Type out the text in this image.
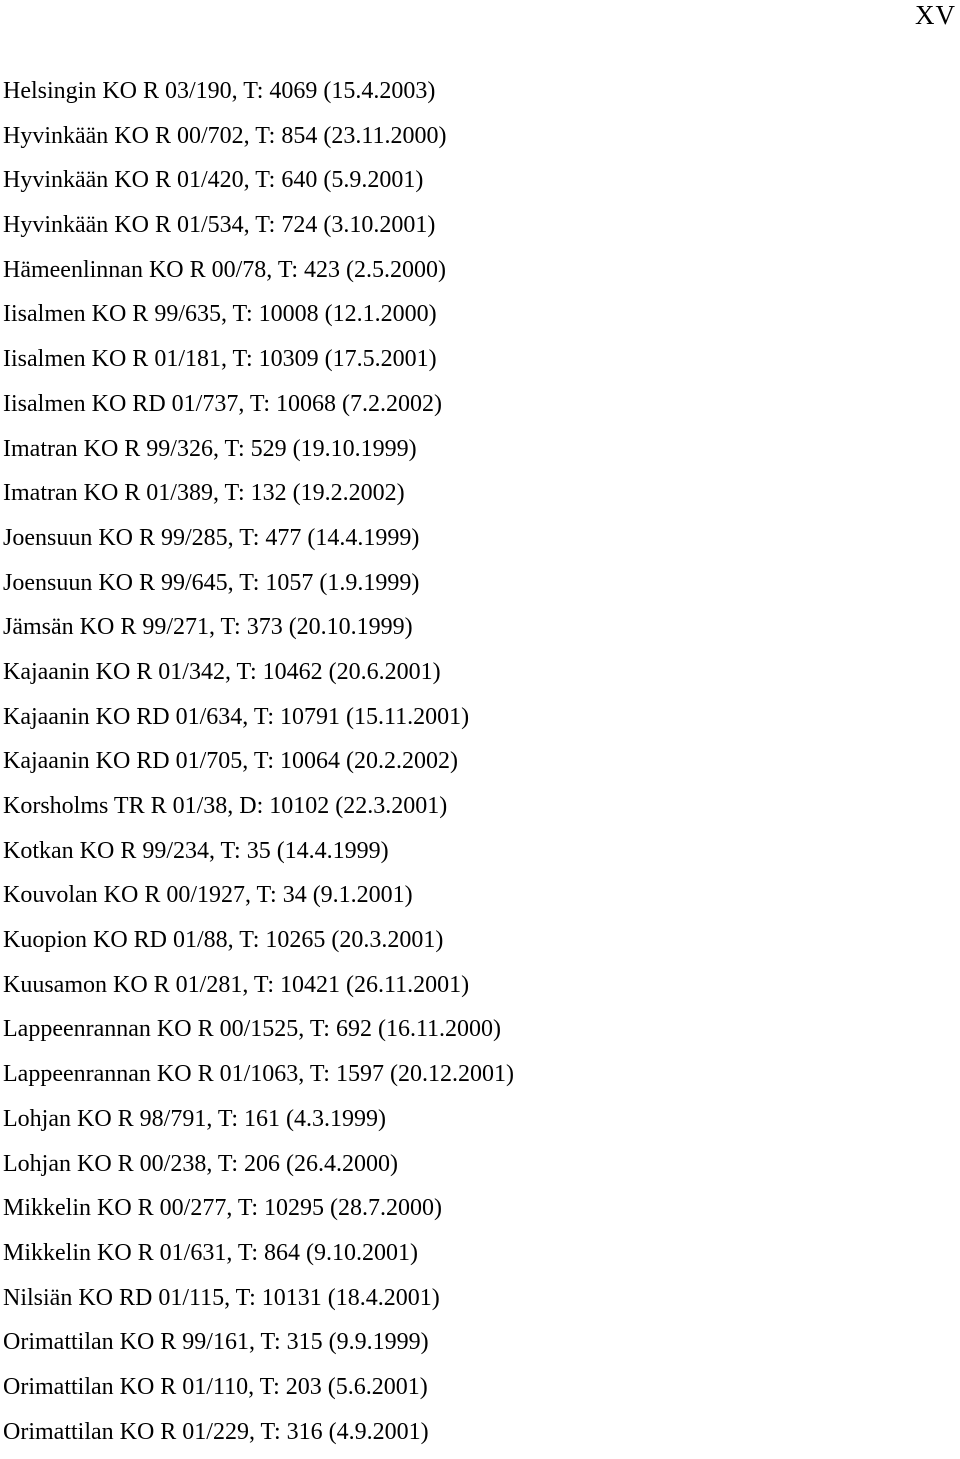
XV
Helsingin KO R 03/190, T: 4069 (15.4.2003)
Hyvinkään KO R 00/702, T: 854 (23.11.2000)
Hyvinkään KO R 01/420, T: 640 (5.9.2001)
Hyvinkään KO R 01/534, T: 724 (3.10.2001)
Hämeenlinnan KO R 00/78, T: 423 (2.5.2000)
Iisalmen KO R 99/635, T: 10008 (12.1.2000)
Iisalmen KO R 01/181, T: 10309 (17.5.2001)
Iisalmen KO RD 01/737, T: 10068 (7.2.2002)
Imatran KO R 99/326, T: 529 (19.10.1999)
Imatran KO R 01/389, T: 132 (19.2.2002)
Joensuun KO R 99/285, T: 477 (14.4.1999)
Joensuun KO R 99/645, T: 1057 (1.9.1999)
Jämsän KO R 99/271, T: 373 (20.10.1999)
Kajaanin KO R 01/342, T: 10462 (20.6.2001)
Kajaanin KO RD 01/634, T: 10791 (15.11.2001)
Kajaanin KO RD 01/705, T: 10064 (20.2.2002)
Korsholms TR R 01/38, D: 10102 (22.3.2001)
Kotkan KO R 99/234, T: 35 (14.4.1999)
Kouvolan KO R 00/1927, T: 34 (9.1.2001)
Kuopion KO RD 01/88, T: 10265 (20.3.2001)
Kuusamon KO R 01/281, T: 10421 (26.11.2001)
Lappeenrannan KO R 00/1525, T: 692 (16.11.2000)
Lappeenrannan KO R 01/1063, T: 1597 (20.12.2001)
Lohjan KO R 98/791, T: 161 (4.3.1999)
Lohjan KO R 00/238, T: 206 (26.4.2000)
Mikkelin KO R 00/277, T: 10295 (28.7.2000)
Mikkelin KO R 01/631, T: 864 (9.10.2001)
Nilsiän KO RD 01/115, T: 10131 (18.4.2001)
Orimattilan KO R 99/161, T: 315 (9.9.1999)
Orimattilan KO R 01/110, T: 203 (5.6.2001)
Orimattilan KO R 01/229, T: 316 (4.9.2001)
